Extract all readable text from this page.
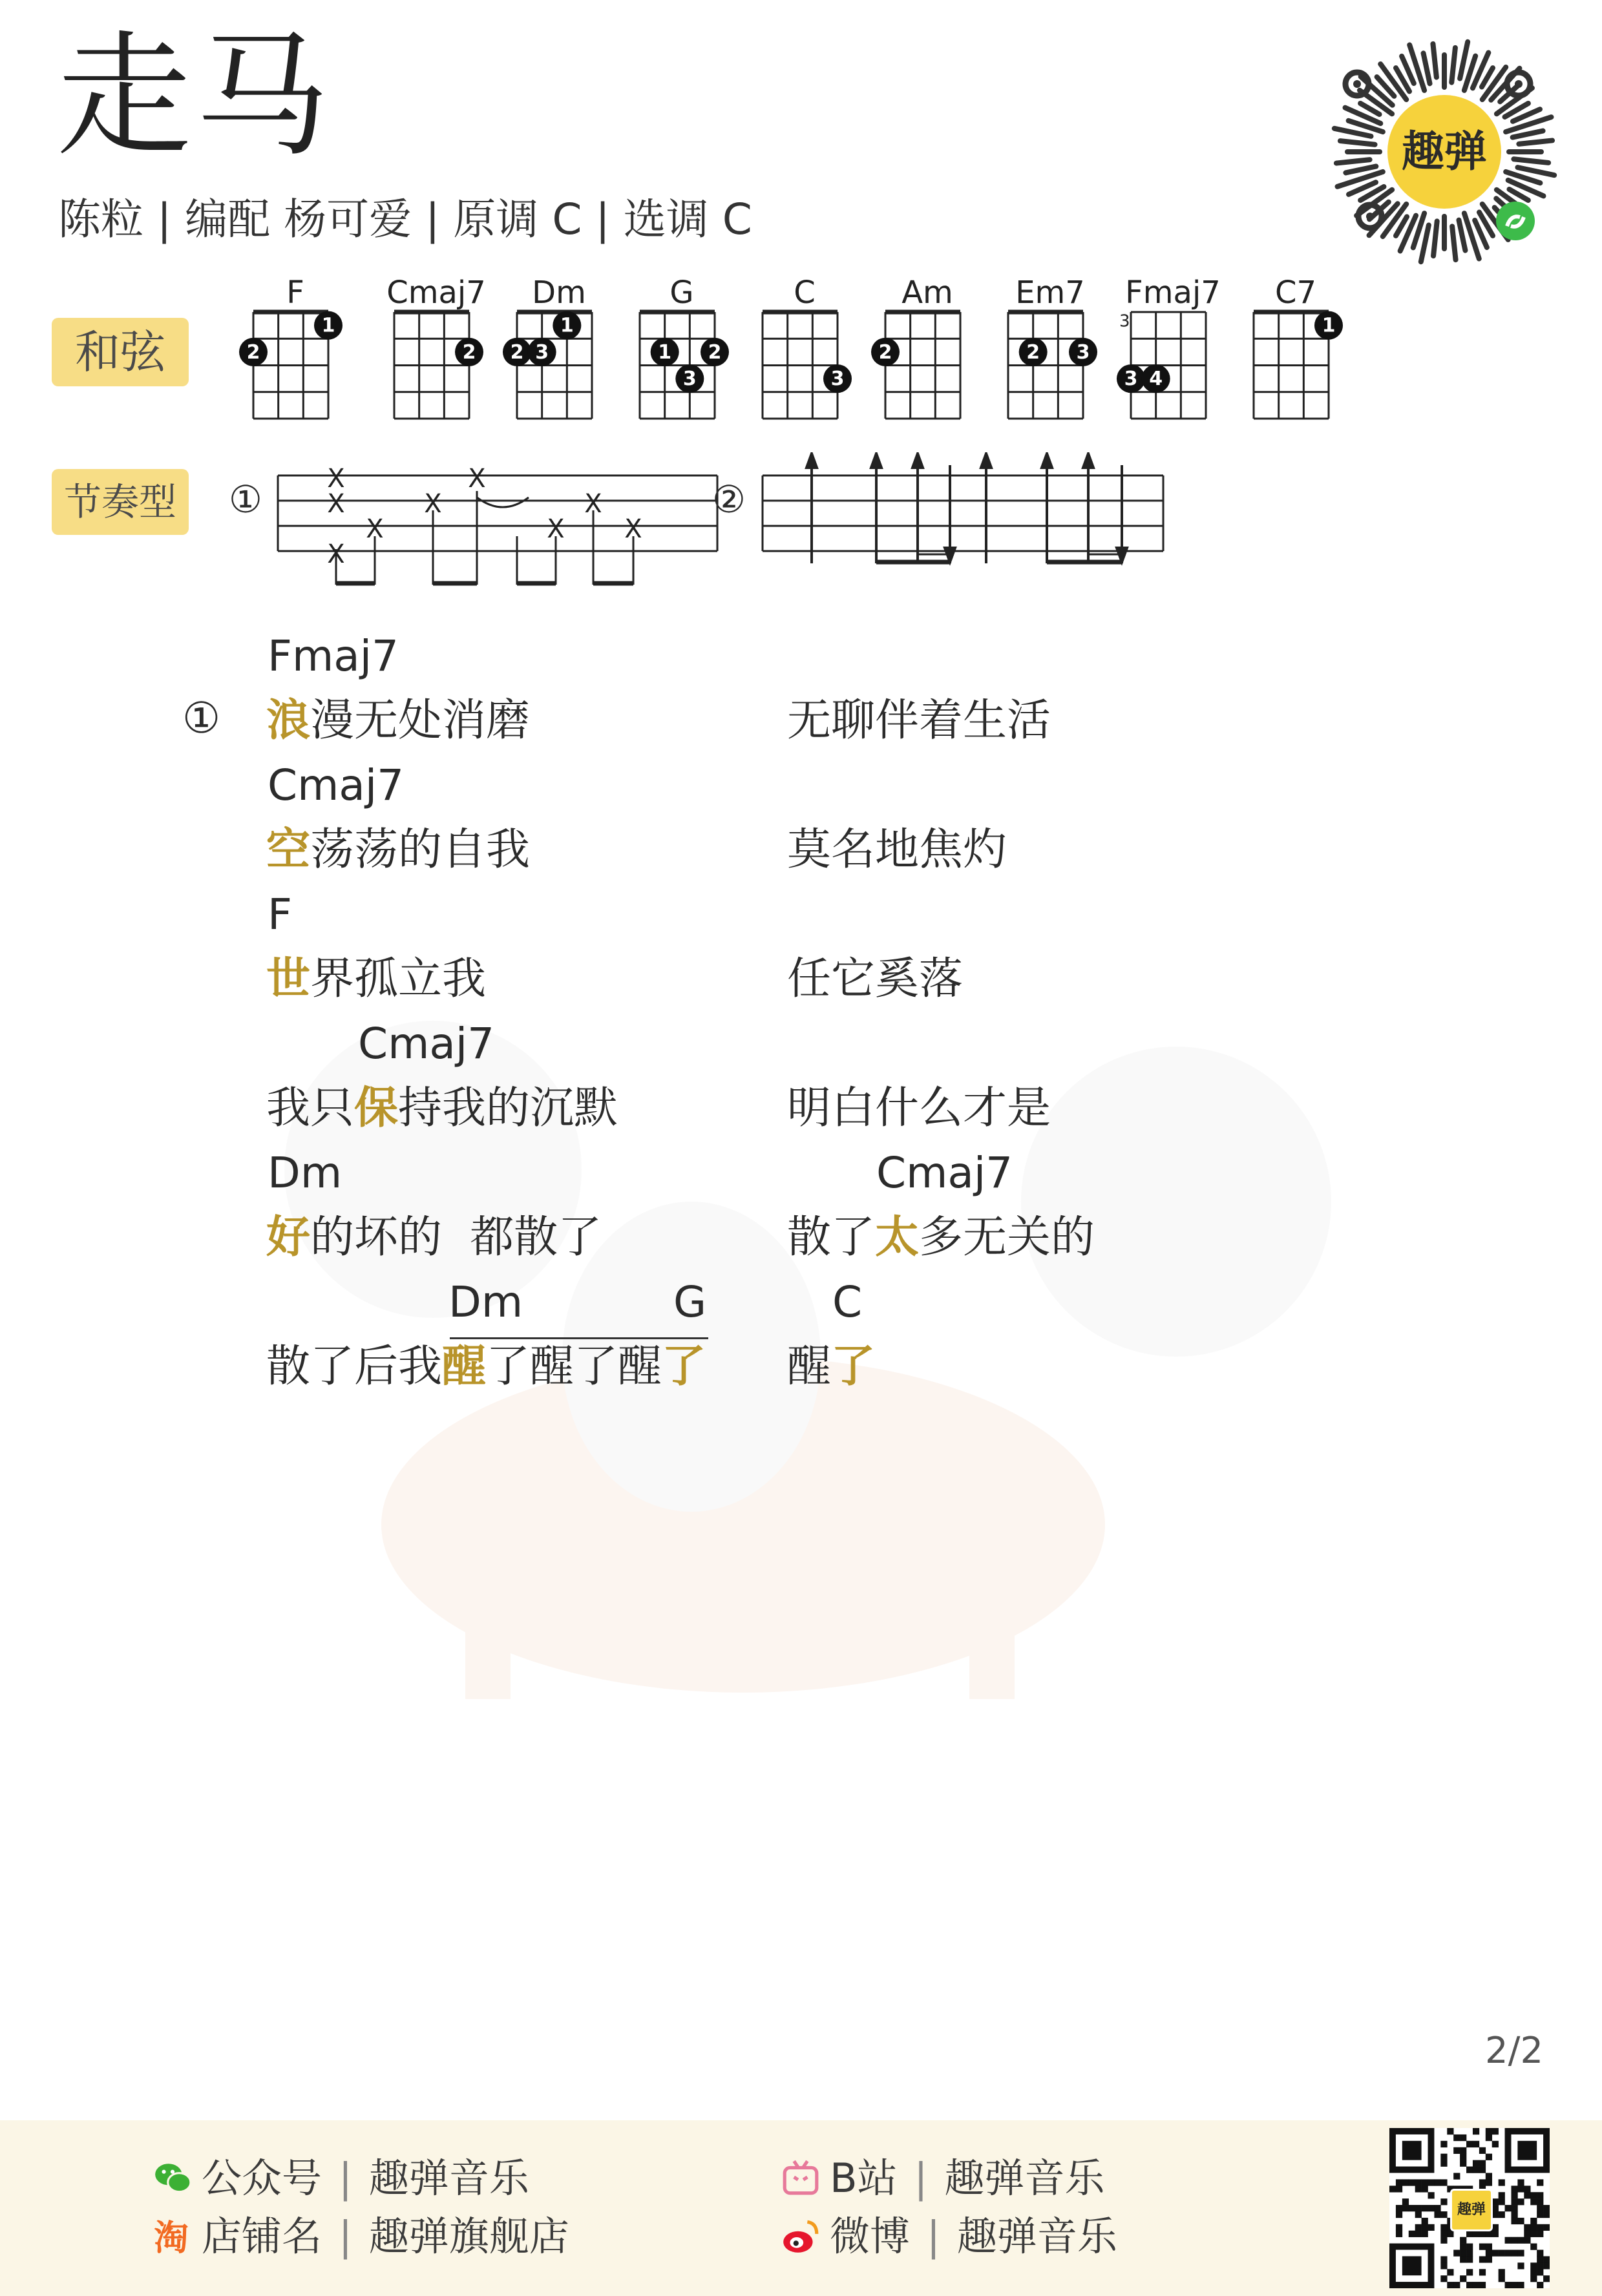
走马
陈粒 | 编配 杨可爱 | 原调 C | 选调 C
趣弹
和弦
节奏型
F
1
2
Cmaj7
2
Dm
1
2 3
G
1 2
3
C
3
Am
2
Em7
2 3
Fmaj7
3
3 4
C7
1
①	X
X
X
X
X
X
X
X
X
②
①
Fmaj7
浪漫无处消磨	无聊伴着生活
Cmaj7
空荡荡的自我	莫名地焦灼
F
世界孤立我	任它奚落
Cmaj7
我只保持我的沉默	明白什么才是
Dm	Cmaj7
好的坏的  都散了	散了太多无关的
Dm	G	C
散了后我醒了醒了醒了 醒了
2/2
公众号 | 趣弹音乐
淘 店铺名 | 趣弹旗舰店
B站 | 趣弹音乐
微博 | 趣弹音乐
趣弹
